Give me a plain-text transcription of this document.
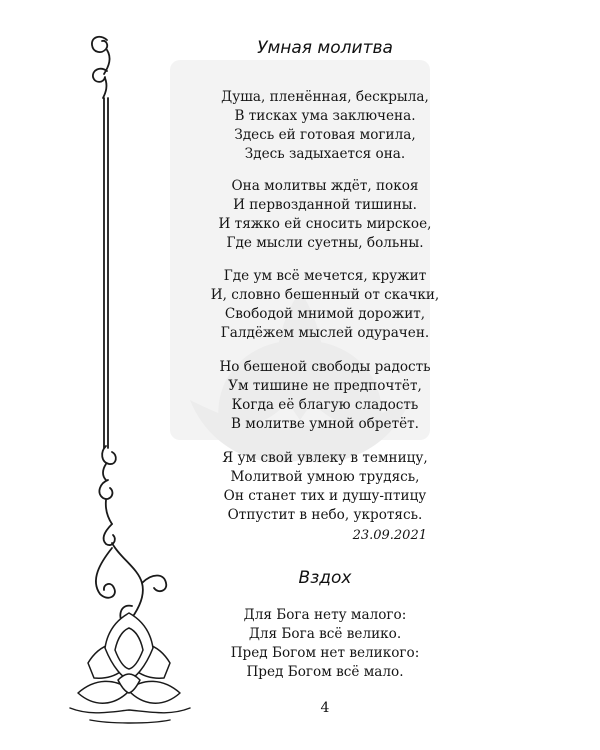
Умная молитва
Душа, пленённая, бескрыла,
В тисках ума заключена.
Здесь ей готовая могила,
Здесь задыхается она.
Она молитвы ждёт, покоя
И первозданной тишины.
И тяжко ей сносить мирское,
Где мысли суетны, больны.
Где ум всё мечется, кружит
И, словно бешенный от скачки,
Свободой мнимой дорожит,
Галдёжем мыслей одурачен.
Но бешеной свободы радость
Ум тишине не предпочтёт,
Когда её благую сладость
В молитве умной обретёт.
Я ум свой увлеку в темницу,
Молитвой умною трудясь,
Он станет тих и душу-птицу
Отпустит в небо, укротясь.
23.09.2021
Вздох
Для Бога нету малого:
Для Бога всё велико.
Пред Богом нет великого:
Пред Богом всё мало.
4
